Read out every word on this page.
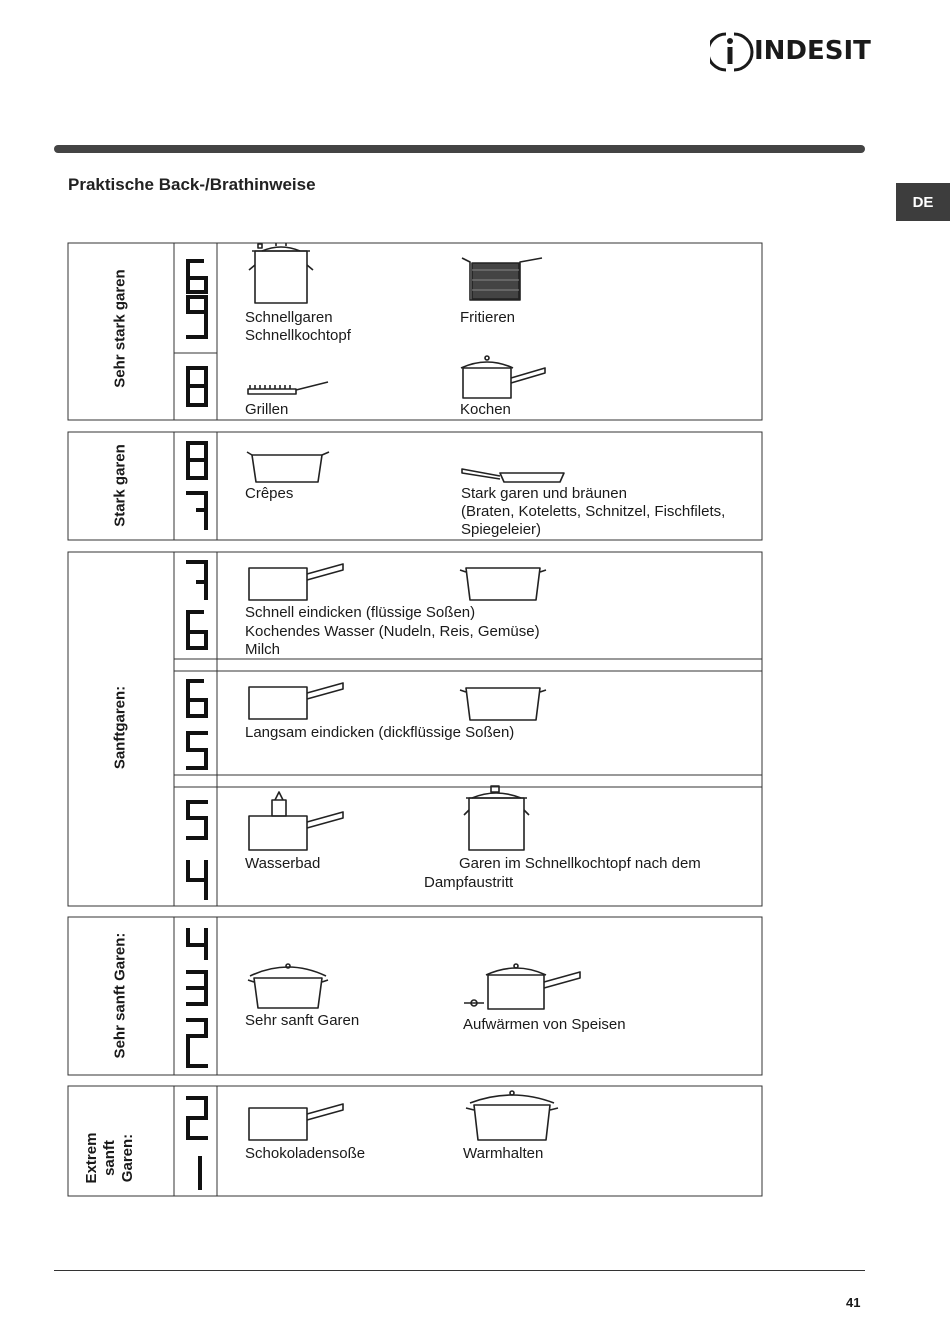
INDESIT
Praktische Back-/Brathinweise
DE
Sehr stark garen
Stark garen
Sanftgaren:
Sehr sanft Garen:
Extrem sanft Garen:
Schnellgaren
Schnellkochtopf
Fritieren
Grillen	Kochen
Crêpes	Stark garen und bräunen
(Braten, Koteletts, Schnitzel, Fischfilets,
Spiegeleier)
Schnell eindicken (flüssige Soßen)
Kochendes Wasser (Nudeln, Reis, Gemüse)
Milch
Langsam eindicken (dickflüssige Soßen)
Wasserbad	Garen im Schnellkochtopf nach dem
Dampfaustritt
Sehr sanft Garen	Aufwärmen von Speisen
Schokoladensoße	Warmhalten
41
